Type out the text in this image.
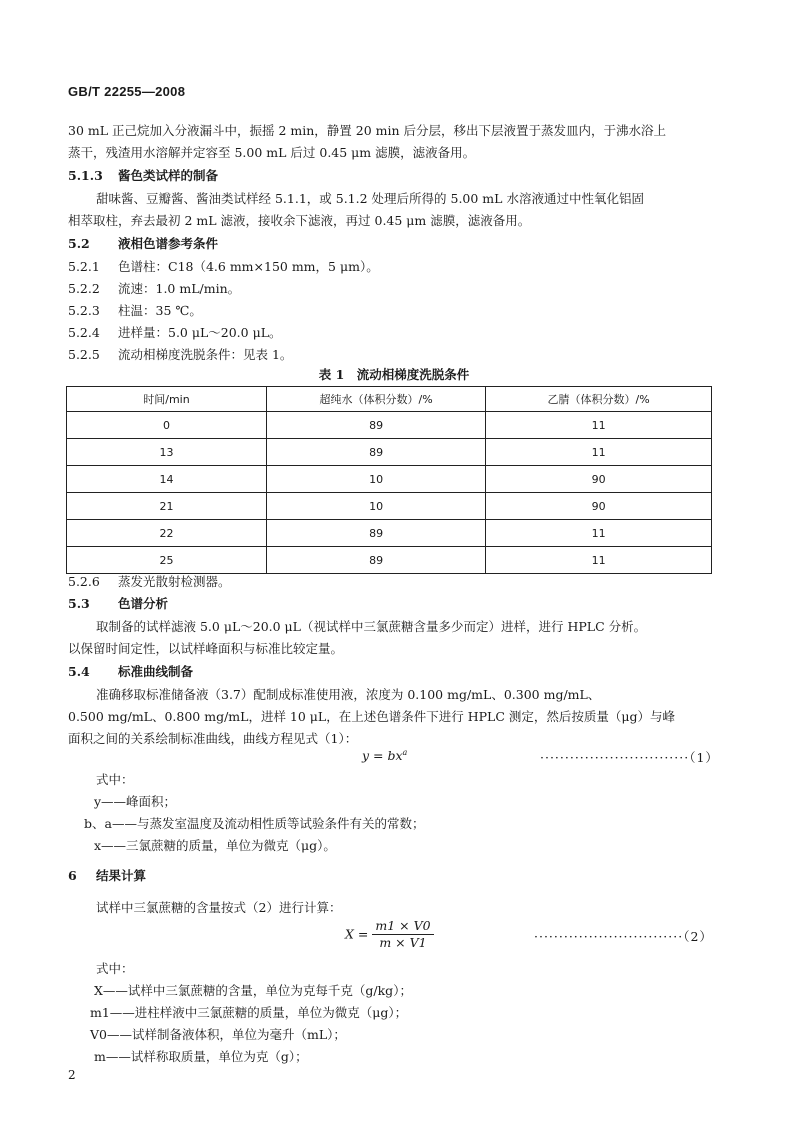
GB/T 22255—2008
30 mL 正己烷加入分液漏斗中，振摇 2 min，静置 20 min 后分层，移出下层液置于蒸发皿内，于沸水浴上
蒸干，残渣用水溶解并定容至 5.00 mL 后过 0.45 μm 滤膜，滤液备用。
5.1.3 酱色类试样的制备
甜味酱、豆瓣酱、酱油类试样经 5.1.1，或 5.1.2 处理后所得的 5.00 mL 水溶液通过中性氧化铝固
相萃取柱，弃去最初 2 mL 滤液，接收余下滤液，再过 0.45 μm 滤膜，滤液备用。
5.2 液相色谱参考条件
5.2.1 色谱柱：C18（4.6 mm×150 mm，5 μm）。
5.2.2 流速：1.0 mL/min。
5.2.3 柱温：35 ℃。
5.2.4 进样量：5.0 μL～20.0 μL。
5.2.5 流动相梯度洗脱条件：见表 1。
表 1　流动相梯度洗脱条件
时间/min	超纯水（体积分数）/%	乙腈（体积分数）/%
0	89	11
13	89	11
14	10	90
21	10	90
22	89	11
25	89	11
5.2.6 蒸发光散射检测器。
5.3 色谱分析
取制备的试样滤液 5.0 μL～20.0 μL（视试样中三氯蔗糖含量多少而定）进样，进行 HPLC 分析。
以保留时间定性，以试样峰面积与标准比较定量。
5.4 标准曲线制备
准确移取标准储备液（3.7）配制成标准使用液，浓度为 0.100 mg/mL、0.300 mg/mL、
0.500 mg/mL、0.800 mg/mL，进样 10 μL，在上述色谱条件下进行 HPLC 测定，然后按质量（μg）与峰
面积之间的关系绘制标准曲线，曲线方程见式（1）：
$y = bx^a$	······························（1）
式中：
y——峰面积；
b、a——与蒸发室温度及流动相性质等试验条件有关的常数；
x——三氯蔗糖的质量，单位为微克（μg）。
6 结果计算
试样中三氯蔗糖的含量按式（2）进行计算：
$X = \frac{m1 \times V0}{m \times V1}$	······························（2）
式中：
X——试样中三氯蔗糖的含量，单位为克每千克（g/kg）；
m1——进柱样液中三氯蔗糖的质量，单位为微克（μg）；
V0——试样制备液体积，单位为毫升（mL）；
m——试样称取质量，单位为克（g）；
2
